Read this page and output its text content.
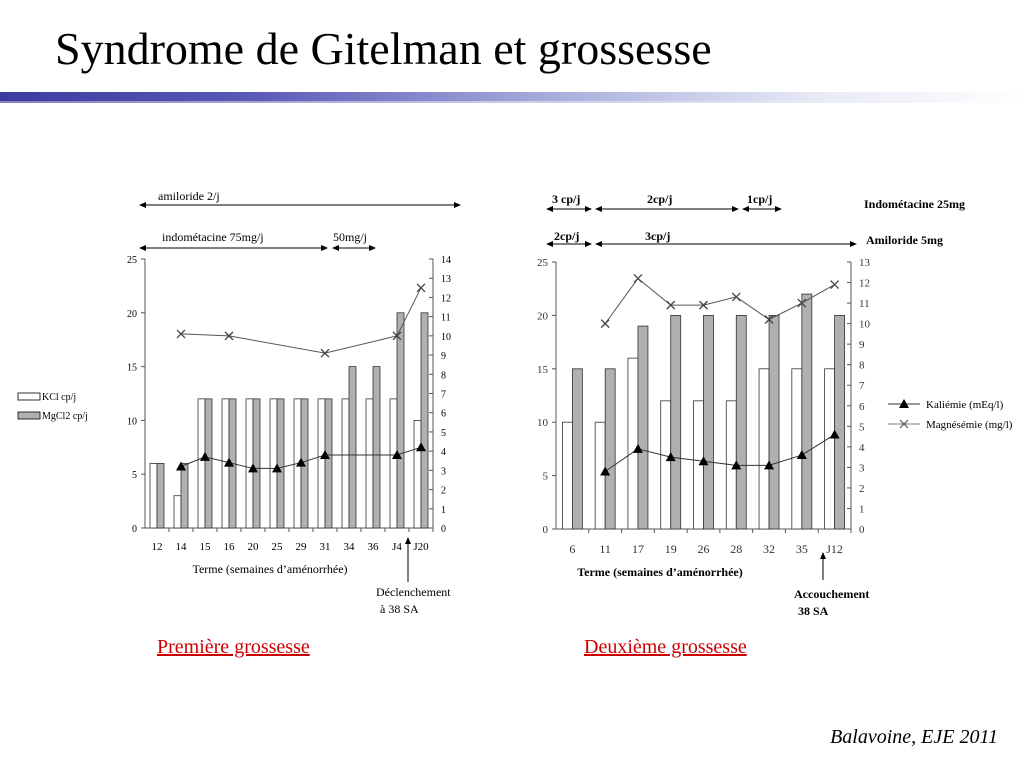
Syndrome de Gitelman et grossesse
amiloride 2/j
indométacine 75mg/j	50mg/j
KCl cp/j
MgCl2 cp/j
0
5
10
15
20
25
0
1
2
3
4
5
6
7
8
9
10
11
12
13
14
12 14 15 16 20 25 29 31 34 36 J4 J20
Terme (semaines d’aménorrhée)
Déclenchement
à 38 SA
3 cp/j	2cp/j	1cp/j	Indométacine 25mg
2cp/j	3cp/j	Amiloride 5mg
Kaliémie (mEq/l)
Magnésémie (mg/l)
0
5
10
15
20
25
0
1
2
3
4
5
6
7
8
9
10
11
12
13
6 11 17 19 26 28 32 35 J12
Terme (semaines d’aménorrhée)
Accouchement
38 SA
Première grossesse	Deuxième grossesse
Balavoine, EJE 2011
